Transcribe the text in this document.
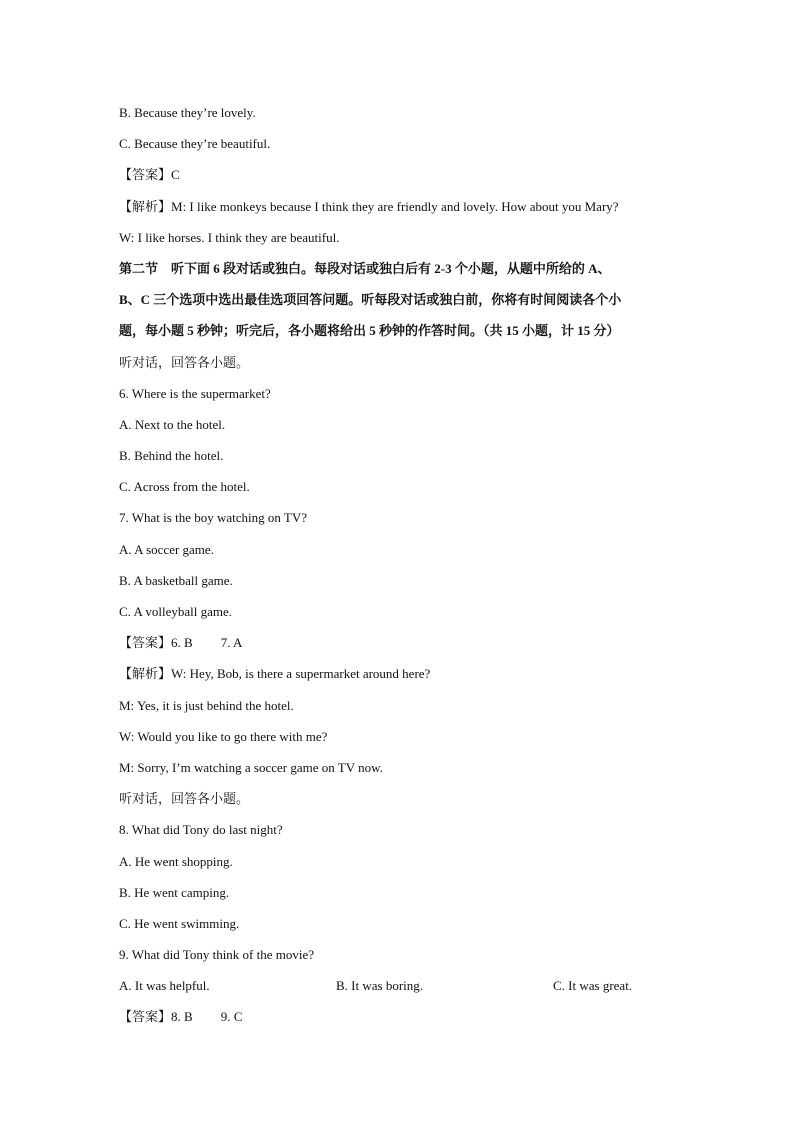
B. Because they’re lovely.
C. Because they’re beautiful.
【答案】C
【解析】M: I like monkeys because I think they are friendly and lovely. How about you Mary?
W: I like horses. I think they are beautiful.
第二节　听下面 6 段对话或独白。每段对话或独白后有 2-3 个小题，从题中所给的 A、
B、C 三个选项中选出最佳选项回答问题。听每段对话或独白前，你将有时间阅读各个小
题，每小题 5 秒钟；听完后，各小题将给出 5 秒钟的作答时间。（共 15 小题，计 15 分）
听对话，回答各小题。
6. Where is the supermarket?
A. Next to the hotel.
B. Behind the hotel.
C. Across from the hotel.
7. What is the boy watching on TV?
A. A soccer game.
B. A basketball game.
C. A volleyball game.
【答案】6. B 7. A
【解析】W: Hey, Bob, is there a supermarket around here?
M: Yes, it is just behind the hotel.
W: Would you like to go there with me?
M: Sorry, I’m watching a soccer game on TV now.
听对话，回答各小题。
8. What did Tony do last night?
A. He went shopping.
B. He went camping.
C. He went swimming.
9. What did Tony think of the movie?
A. It was helpful.	B. It was boring.	C. It was great.
【答案】8. B 9. C
